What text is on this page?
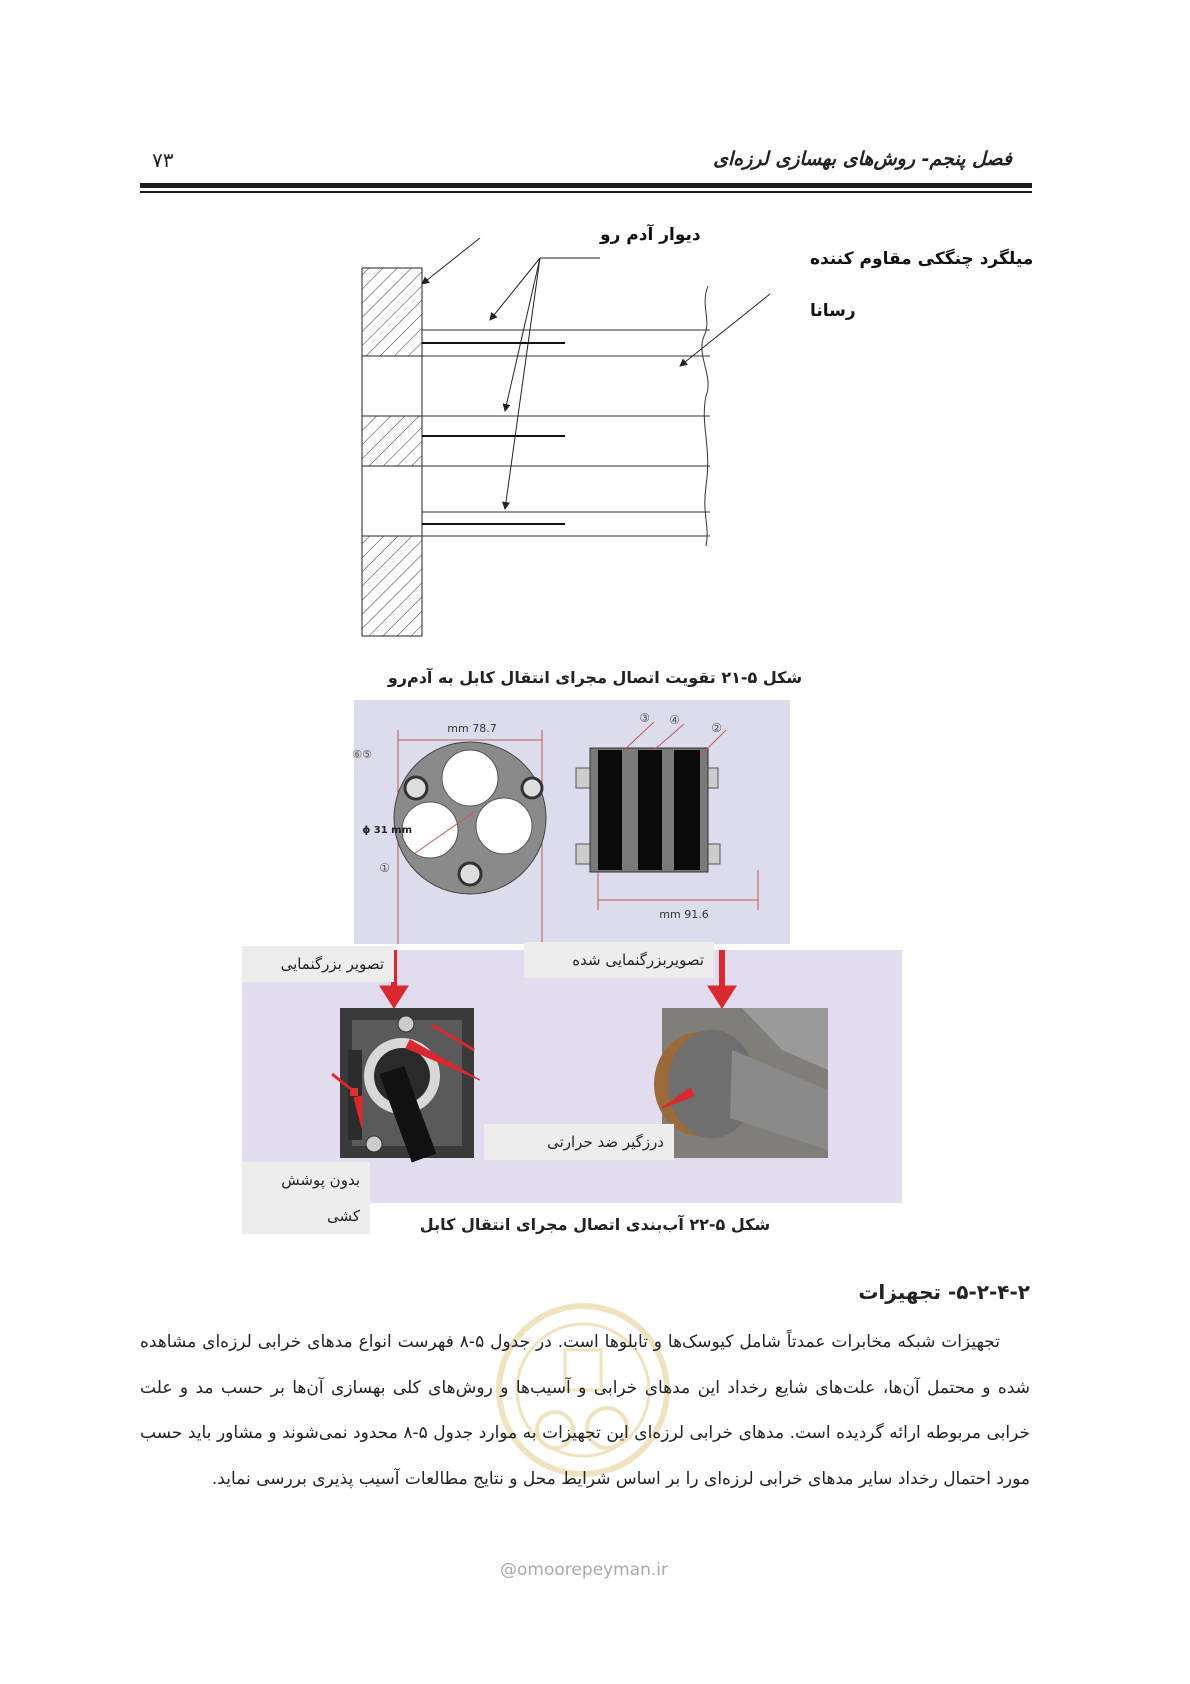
۷۳	فصل پنجم- روش‌های بهسازی لرزه‌ای
دیوار آدم رو
میلگرد چنگکی مقاوم کننده
رسانا
شکل ۵-۲۱ تقویت اتصال مجرای انتقال کابل به آدم‌رو
78.7 mm
91.6 mm
ϕ 31 mm
⑤⑥
①
③ ④
②
تصویر بزرگنمایی	تصویربزرگنمایی شده
بدون پوشش کشی
درزگیر ضد حرارتی
شکل ۵-۲۲ آب‌بندی اتصال مجرای انتقال کابل
۵-۲-۴-۲- تجهیزات

تجهیزات شبکه مخابرات عمدتاً شامل کیوسک‌ها و تابلوها است. در جدول ۵-۸ فهرست انواع مدهای خرابی لرزه‌ای مشاهده شده و محتمل آن‌ها، علت‌های شایع رخداد این مدهای خرابی و آسیب‌ها و روش‌های کلی بهسازی آن‌ها بر حسب مد و علت خرابی مربوطه ارائه گردیده است. مدهای خرابی لرزه‌ای این تجهیزات به موارد جدول ۵-۸ محدود نمی‌شوند و مشاور باید حسب مورد احتمال رخداد سایر مدهای خرابی لرزه‌ای را بر اساس شرایط محل و نتایج مطالعات آسیب پذیری بررسی نماید.

@omoorepeyman.ir
